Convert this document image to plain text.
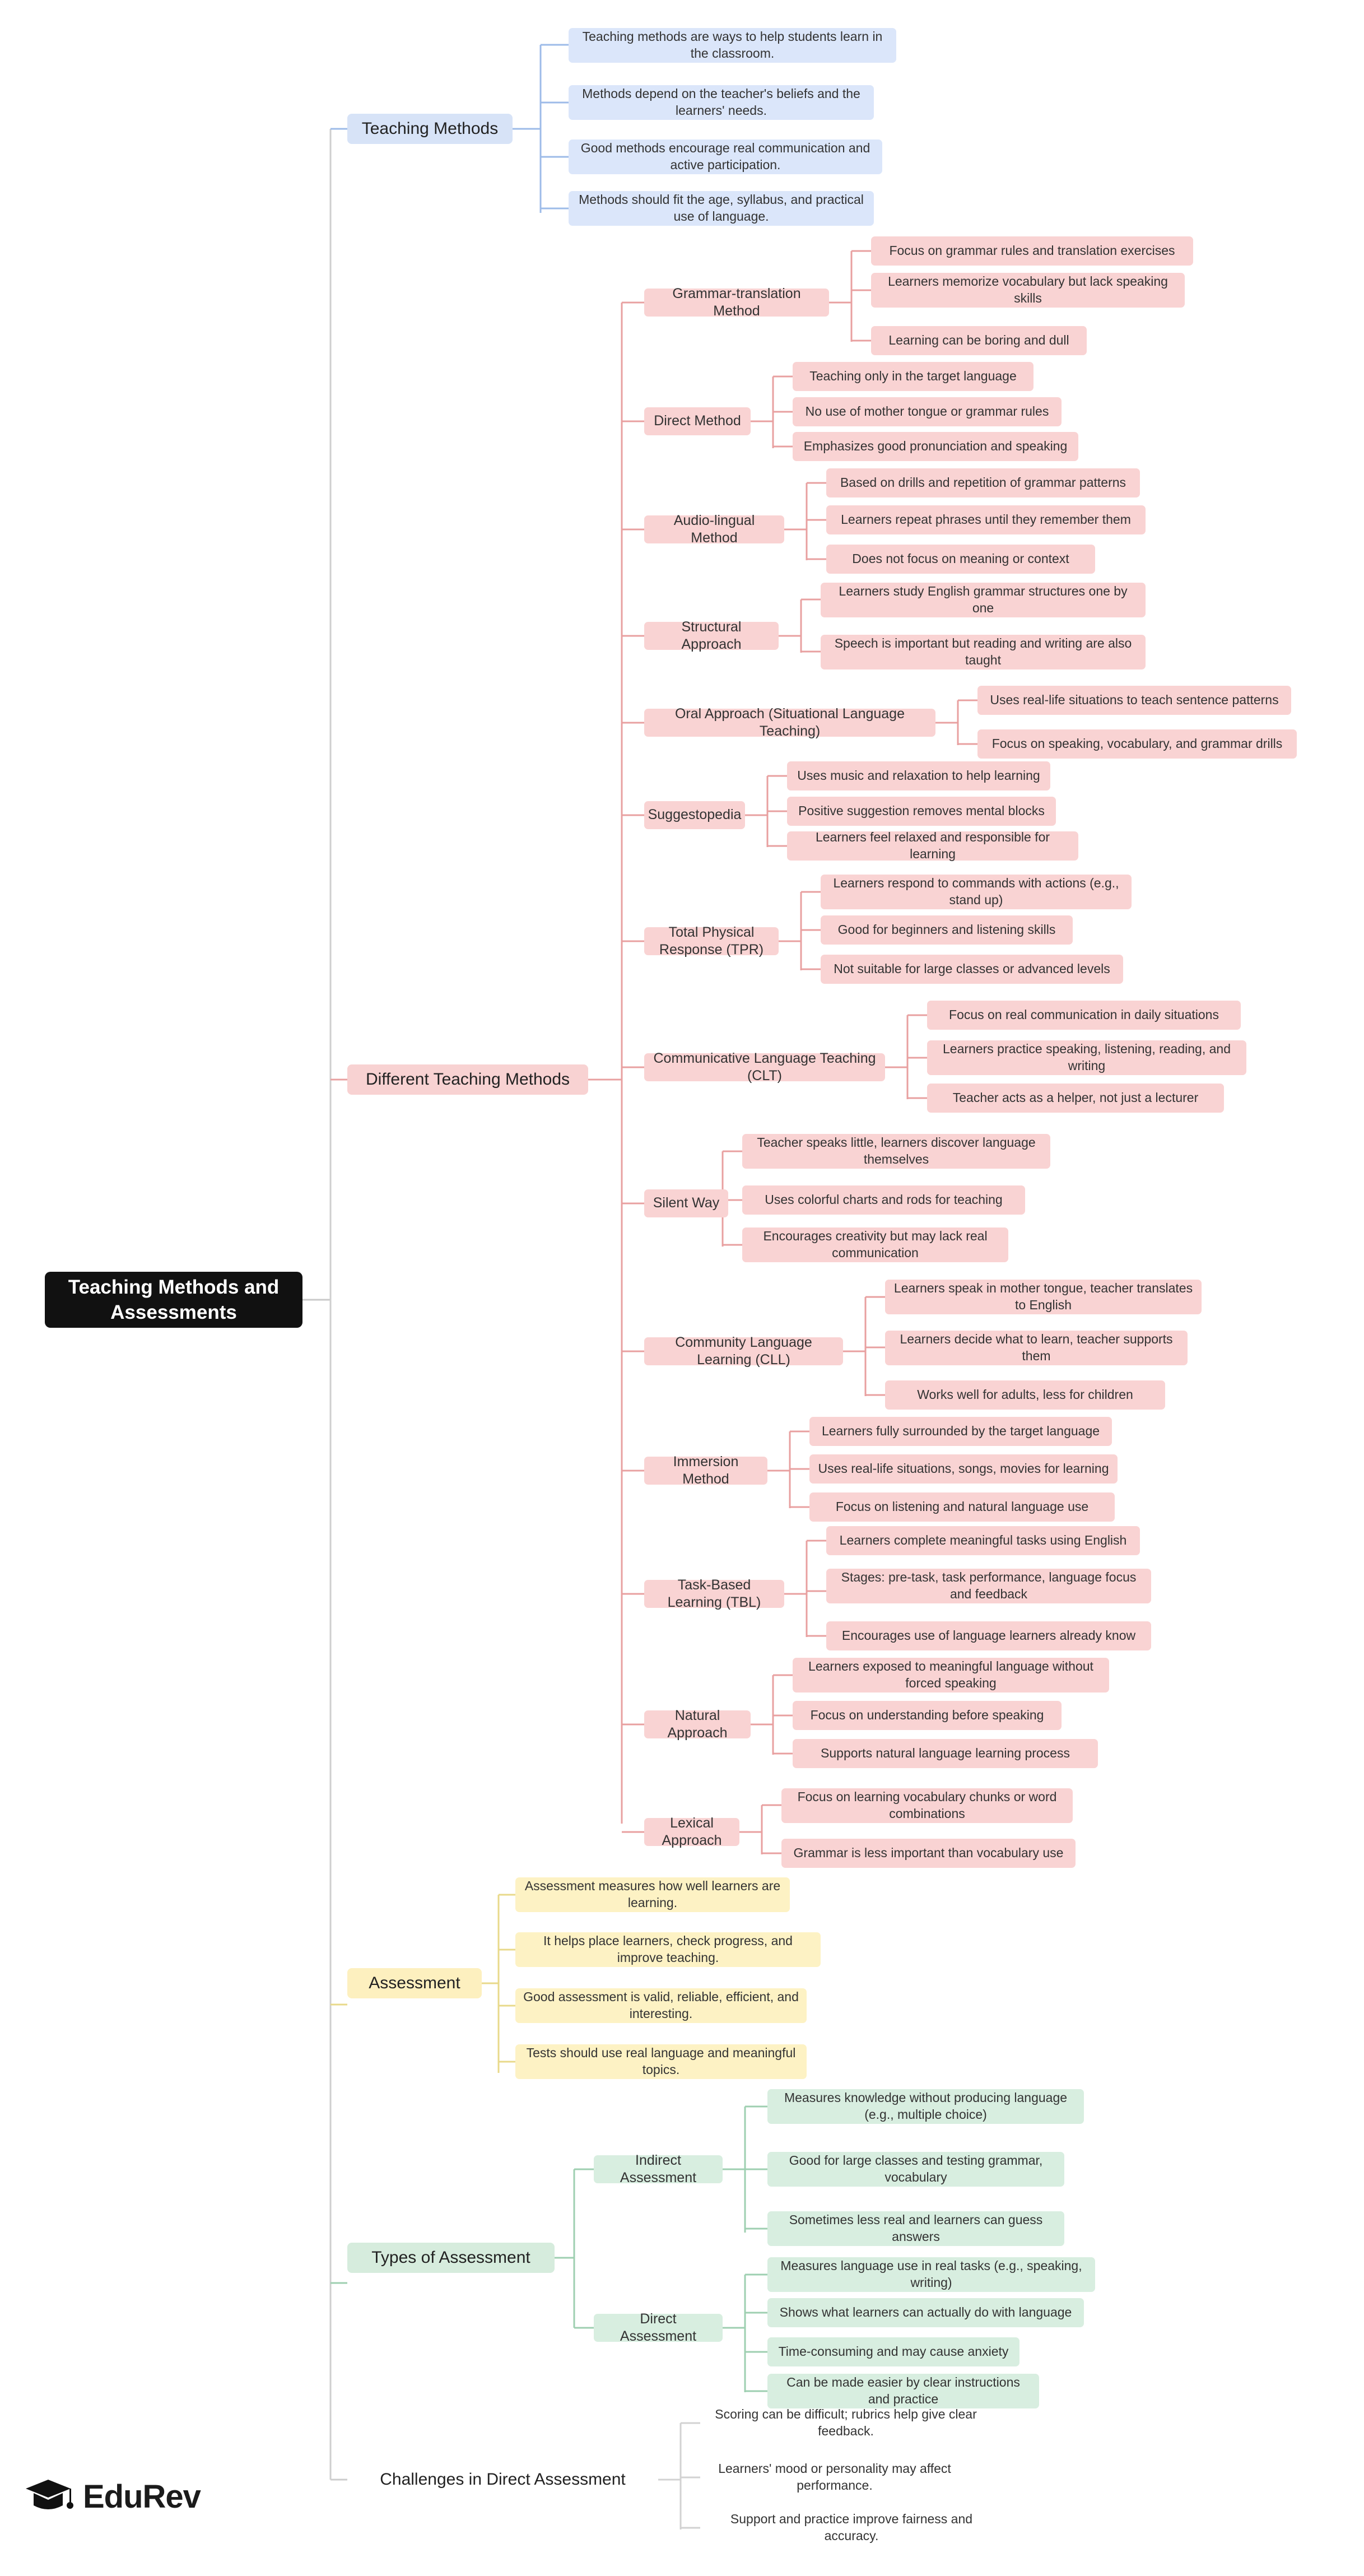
Teaching Methods and Assessments
Teaching Methods
Teaching methods are ways to help students learn in the classroom.
Methods depend on the teacher's beliefs and the learners' needs.
Good methods encourage real communication and active participation.
Methods should fit the age, syllabus, and practical use of language.
Different Teaching Methods
Grammar-translation Method
Focus on grammar rules and translation exercises
Learners memorize vocabulary but lack speaking skills
Learning can be boring and dull
Direct Method
Teaching only in the target language
No use of mother tongue or grammar rules
Emphasizes good pronunciation and speaking
Audio-lingual Method
Based on drills and repetition of grammar patterns
Learners repeat phrases until they remember them
Does not focus on meaning or context
Structural Approach
Learners study English grammar structures one by one
Speech is important but reading and writing are also taught
Oral Approach (Situational Language Teaching)
Uses real-life situations to teach sentence patterns
Focus on speaking, vocabulary, and grammar drills
Suggestopedia
Uses music and relaxation to help learning
Positive suggestion removes mental blocks
Learners feel relaxed and responsible for learning
Total Physical Response (TPR)
Learners respond to commands with actions (e.g., stand up)
Good for beginners and listening skills
Not suitable for large classes or advanced levels
Communicative Language Teaching (CLT)
Focus on real communication in daily situations
Learners practice speaking, listening, reading, and writing
Teacher acts as a helper, not just a lecturer
Silent Way
Teacher speaks little, learners discover language themselves
Uses colorful charts and rods for teaching
Encourages creativity but may lack real communication
Community Language Learning (CLL)
Learners speak in mother tongue, teacher translates to English
Learners decide what to learn, teacher supports them
Works well for adults, less for children
Immersion Method
Learners fully surrounded by the target language
Uses real-life situations, songs, movies for learning
Focus on listening and natural language use
Task-Based Learning (TBL)
Learners complete meaningful tasks using English
Stages: pre-task, task performance, language focus and feedback
Encourages use of language learners already know
Natural Approach
Learners exposed to meaningful language without forced speaking
Focus on understanding before speaking
Supports natural language learning process
Lexical Approach
Focus on learning vocabulary chunks or word combinations
Grammar is less important than vocabulary use
Assessment
Assessment measures how well learners are learning.
It helps place learners, check progress, and improve teaching.
Good assessment is valid, reliable, efficient, and interesting.
Tests should use real language and meaningful topics.
Types of Assessment
Indirect Assessment
Measures knowledge without producing language (e.g., multiple choice)
Good for large classes and testing grammar, vocabulary
Sometimes less real and learners can guess answers
Direct Assessment
Measures language use in real tasks (e.g., speaking, writing)
Shows what learners can actually do with language
Time-consuming and may cause anxiety
Can be made easier by clear instructions and practice
Challenges in Direct Assessment
Scoring can be difficult; rubrics help give clear feedback.
Learners' mood or personality may affect performance.
Support and practice improve fairness and accuracy.
EduRev
